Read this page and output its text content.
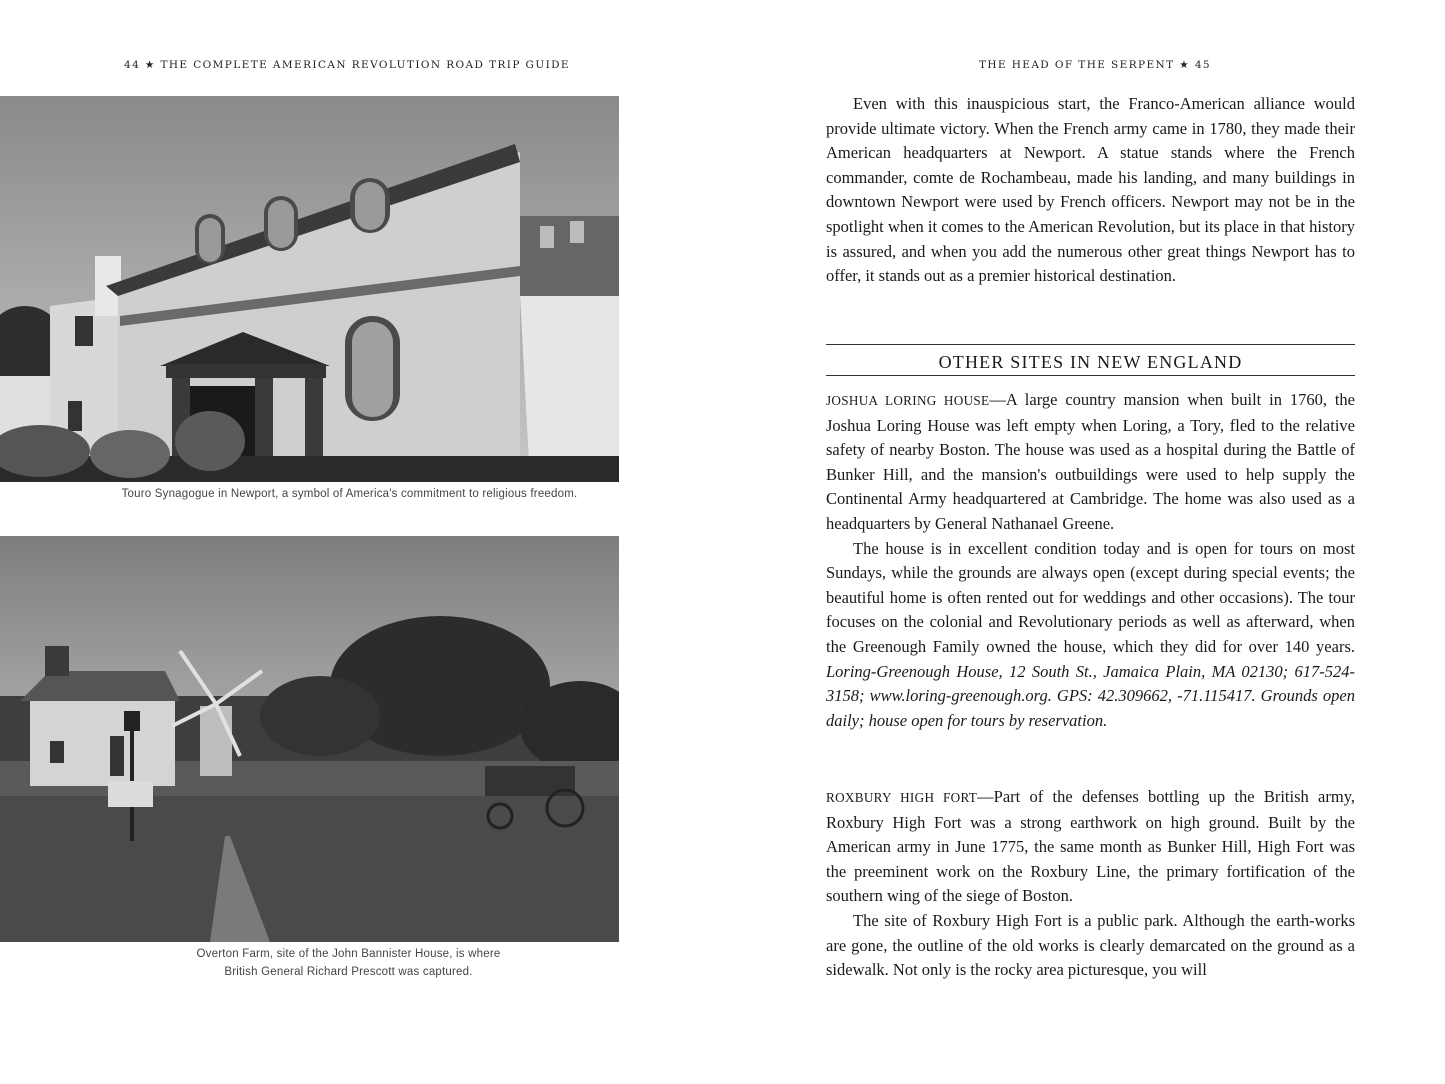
44 ★ THE COMPLETE AMERICAN REVOLUTION ROAD TRIP GUIDE	THE HEAD OF THE SERPENT ★ 45
Touro Synagogue in Newport, a symbol of America's commitment to religious freedom.
Overton Farm, site of the John Bannister House, is where
British General Richard Prescott was captured.

Even with this inauspicious start, the Franco-American alliance would provide ultimate victory. When the French army came in 1780, they made their American headquarters at Newport. A statue stands where the French commander, comte de Rochambeau, made his landing, and many buildings in downtown Newport were used by French officers. Newport may not be in the spotlight when it comes to the American Revolution, but its place in that history is assured, and when you add the numerous other great things Newport has to offer, it stands out as a premier historical destination.

OTHER SITES IN NEW ENGLAND

JOSHUA LORING HOUSE—A large country mansion when built in 1760, the Joshua Loring House was left empty when Loring, a Tory, fled to the relative safety of nearby Boston. The house was used as a hospital during the Battle of Bunker Hill, and the mansion's outbuildings were used to help supply the Continental Army headquartered at Cambridge. The home was also used as a headquarters by General Nathanael Greene.

The house is in excellent condition today and is open for tours on most Sundays, while the grounds are always open (except during special events; the beautiful home is often rented out for weddings and other occasions). The tour focuses on the colonial and Revolutionary periods as well as afterward, when the Greenough Family owned the house, which they did for over 140 years. Loring-Greenough House, 12 South St., Jamaica Plain, MA 02130; 617-524-3158; www.loring-greenough.org. GPS: 42.309662, -71.115417. Grounds open daily; house open for tours by reservation.

ROXBURY HIGH FORT—Part of the defenses bottling up the British army, Roxbury High Fort was a strong earthwork on high ground. Built by the American army in June 1775, the same month as Bunker Hill, High Fort was the preeminent work on the Roxbury Line, the primary fortification of the southern wing of the siege of Boston.

The site of Roxbury High Fort is a public park. Although the earth-works are gone, the outline of the old works is clearly demarcated on the ground as a sidewalk. Not only is the rocky area picturesque, you will
